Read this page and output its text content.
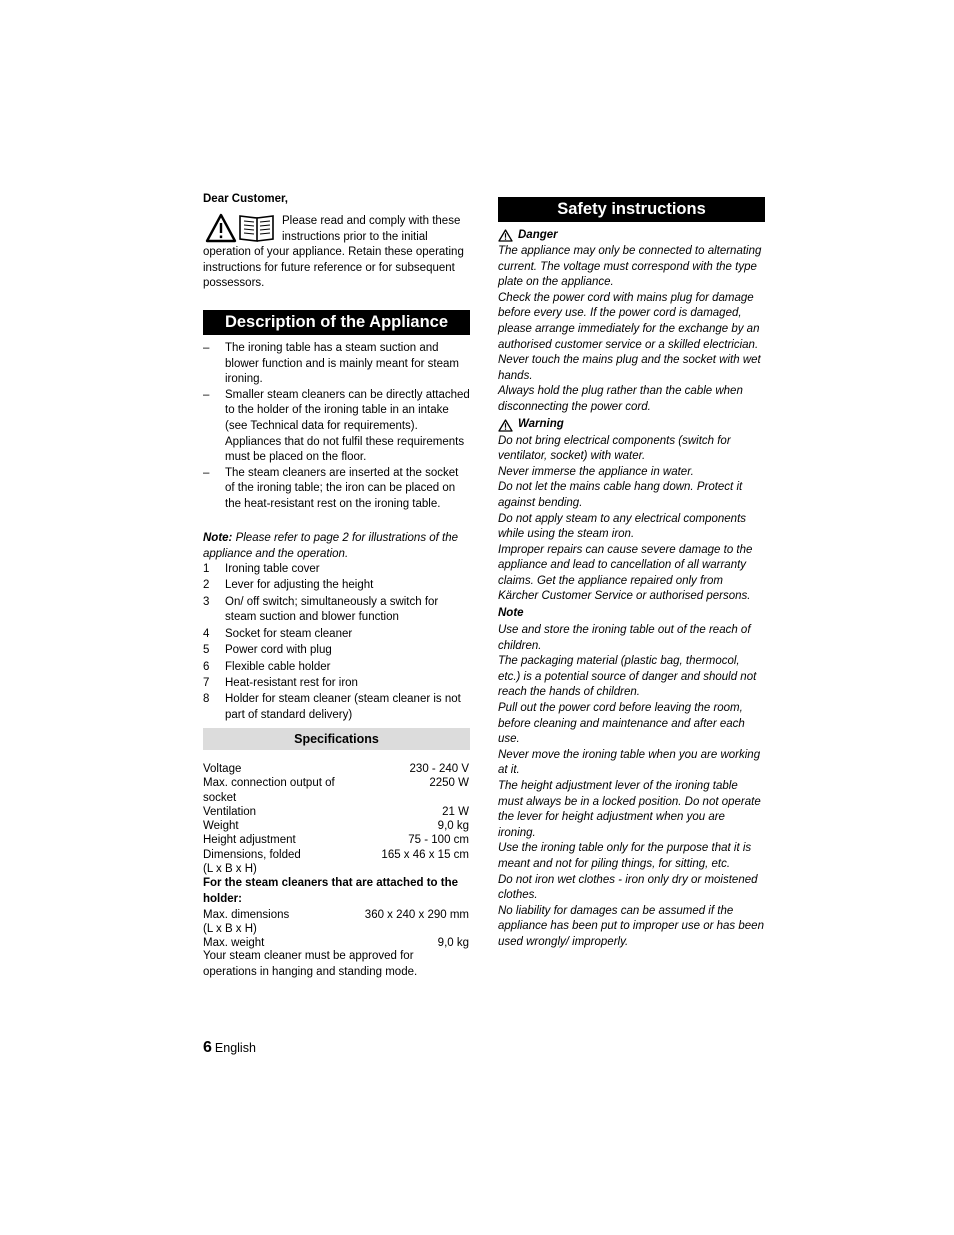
Dear Customer,
Please read and comply with these instructions prior to the initial operation of your appliance. Retain these operating instructions for future reference or for subsequent possessors.
Description of the Appliance
– The ironing table has a steam suction and blower function and is mainly meant for steam ironing.
– Smaller steam cleaners can be directly attached to the holder of the ironing table in an intake (see Technical data for requirements). Appliances that do not fulfil these requirements must be placed on the floor.
– The steam cleaners are inserted at the socket of the ironing table; the iron can be placed on the heat-resistant rest on the ironing table.
Note: Please refer to page 2 for illustrations of the appliance and the operation.
1 Ironing table cover
2 Lever for adjusting the height
3 On/ off switch; simultaneously a switch for steam suction and blower function
4 Socket for steam cleaner
5 Power cord with plug
6 Flexible cable holder
7 Heat-resistant rest for iron
8 Holder for steam cleaner (steam cleaner is not part of standard delivery)
Specifications
Voltage	230 - 240 V
Max. connection output of socket	2250 W
Ventilation	21 W
Weight	9,0 kg
Height adjustment	75 - 100 cm
Dimensions, folded	165 x 46 x 15 cm
(L x B x H)	
For the steam cleaners that are attached to the holder:	
Max. dimensions	360 x 240 x 290 mm
(L x B x H)	
Max. weight	9,0 kg
Your steam cleaner must be approved for operations in hanging and standing mode.
Safety instructions
Danger

The appliance may only be connected to alternating current. The voltage must correspond with the type plate on the appliance.

Check the power cord with mains plug for damage before every use. If the power cord is damaged, please arrange immediately for the exchange by an authorised customer service or a skilled electrician.

Never touch the mains plug and the socket with wet hands.

Always hold the plug rather than the cable when disconnecting the power cord.

Warning

Do not bring electrical components (switch for ventilator, socket) with water.

Never immerse the appliance in water.

Do not let the mains cable hang down. Protect it against bending.

Do not apply steam to any electrical components while using the steam iron.

Improper repairs can cause severe damage to the appliance and lead to cancellation of all warranty claims. Get the appliance repaired only from Kärcher Customer Service or authorised persons.

Note

Use and store the ironing table out of the reach of children.

The packaging material (plastic bag, thermocol, etc.) is a potential source of danger and should not reach the hands of children.

Pull out the power cord before leaving the room, before cleaning and maintenance and after each use.

Never move the ironing table when you are working at it.

The height adjustment lever of the ironing table must always be in a locked position. Do not operate the lever for height adjustment when you are ironing.

Use the ironing table only for the purpose that it is meant and not for piling things, for sitting, etc.

Do not iron wet clothes - iron only dry or moistened clothes.

No liability for damages can be assumed if the appliance has been put to improper use or has been used wrongly/ improperly.

6 English
